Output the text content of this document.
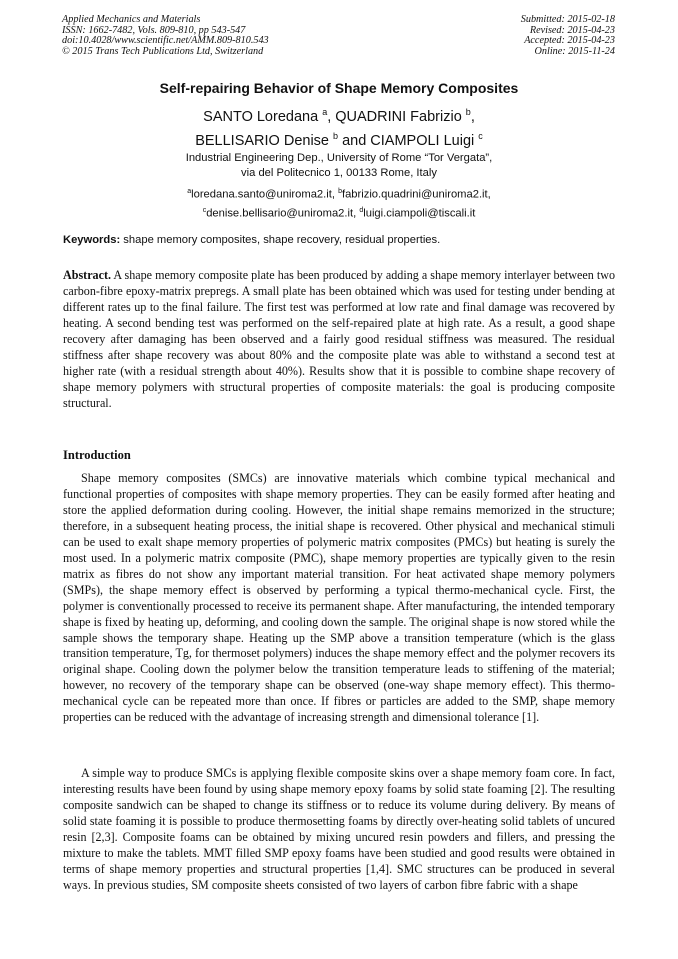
Applied Mechanics and Materials
ISSN: 1662-7482, Vols. 809-810, pp 543-547
doi:10.4028/www.scientific.net/AMM.809-810.543
© 2015 Trans Tech Publications Ltd, Switzerland
Submitted: 2015-02-18
Revised: 2015-04-23
Accepted: 2015-04-23
Online: 2015-11-24
Self-repairing Behavior of Shape Memory Composites
SANTO Loredana $^a$, QUADRINI Fabrizio $^b$,
BELLISARIO Denise $^b$ and CIAMPOLI Luigi $^c$
Industrial Engineering Dep., University of Rome “Tor Vergata”,
via del Politecnico 1, 00133 Rome, Italy
$^a$loredana.santo@uniroma2.it, $^b$fabrizio.quadrini@uniroma2.it,
$^c$denise.bellisario@uniroma2.it, $^d$luigi.ciampoli@tiscali.it
Keywords: shape memory composites, shape recovery, residual properties.
Abstract. A shape memory composite plate has been produced by adding a shape memory interlayer between two carbon-fibre epoxy-matrix prepregs. A small plate has been obtained which was used for testing under bending at different rates up to the final failure. The first test was performed at low rate and final damage was recovered by heating. A second bending test was performed on the self-repaired plate at high rate. As a result, a good shape recovery after damaging has been observed and a fairly good residual stiffness was measured. The residual stiffness after shape recovery was about 80% and the composite plate was able to withstand a second test at higher rate (with a residual strength about 40%). Results show that it is possible to combine shape recovery of shape memory polymers with structural properties of composite materials: the goal is producing composite structural.
Introduction
Shape memory composites (SMCs) are innovative materials which combine typical mechanical and functional properties of composites with shape memory properties. They can be easily formed after heating and store the applied deformation during cooling. However, the initial shape remains memorized in the structure; therefore, in a subsequent heating process, the initial shape is recovered. Other physical and mechanical stimuli can be used to exalt shape memory properties of polymeric matrix composites (PMCs) but heating is surely the most used. In a polymeric matrix composite (PMC), shape memory properties are typically given to the resin matrix as fibres do not show any important material transition. For heat activated shape memory polymers (SMPs), the shape memory effect is observed by performing a typical thermo-mechanical cycle. First, the polymer is conventionally processed to receive its permanent shape. After manufacturing, the intended temporary shape is fixed by heating up, deforming, and cooling down the sample. The original shape is now stored while the sample shows the temporary shape. Heating up the SMP above a transition temperature (which is the glass transition temperature, Tg, for thermoset polymers) induces the shape memory effect and the polymer recovers its original shape. Cooling down the polymer below the transition temperature leads to stiffening of the material; however, no recovery of the temporary shape can be observed (one-way shape memory effect). This thermo-mechanical cycle can be repeated more than once. If fibres or particles are added to the SMP, shape memory properties can be reduced with the advantage of increasing strength and dimensional tolerance [1].
A simple way to produce SMCs is applying flexible composite skins over a shape memory foam core. In fact, interesting results have been found by using shape memory epoxy foams by solid state foaming [2]. The resulting composite sandwich can be shaped to change its stiffness or to reduce its volume during delivery. By means of solid state foaming it is possible to produce thermosetting foams by directly over-heating solid tablets of uncured resin [2,3]. Composite foams can be obtained by mixing uncured resin powders and fillers, and pressing the mixture to make the tablets. MMT filled SMP epoxy foams have been studied and good results were obtained in terms of shape memory properties and structural properties [1,4]. SMC structures can be produced in several ways. In previous studies, SM composite sheets consisted of two layers of carbon fibre fabric with a shape
